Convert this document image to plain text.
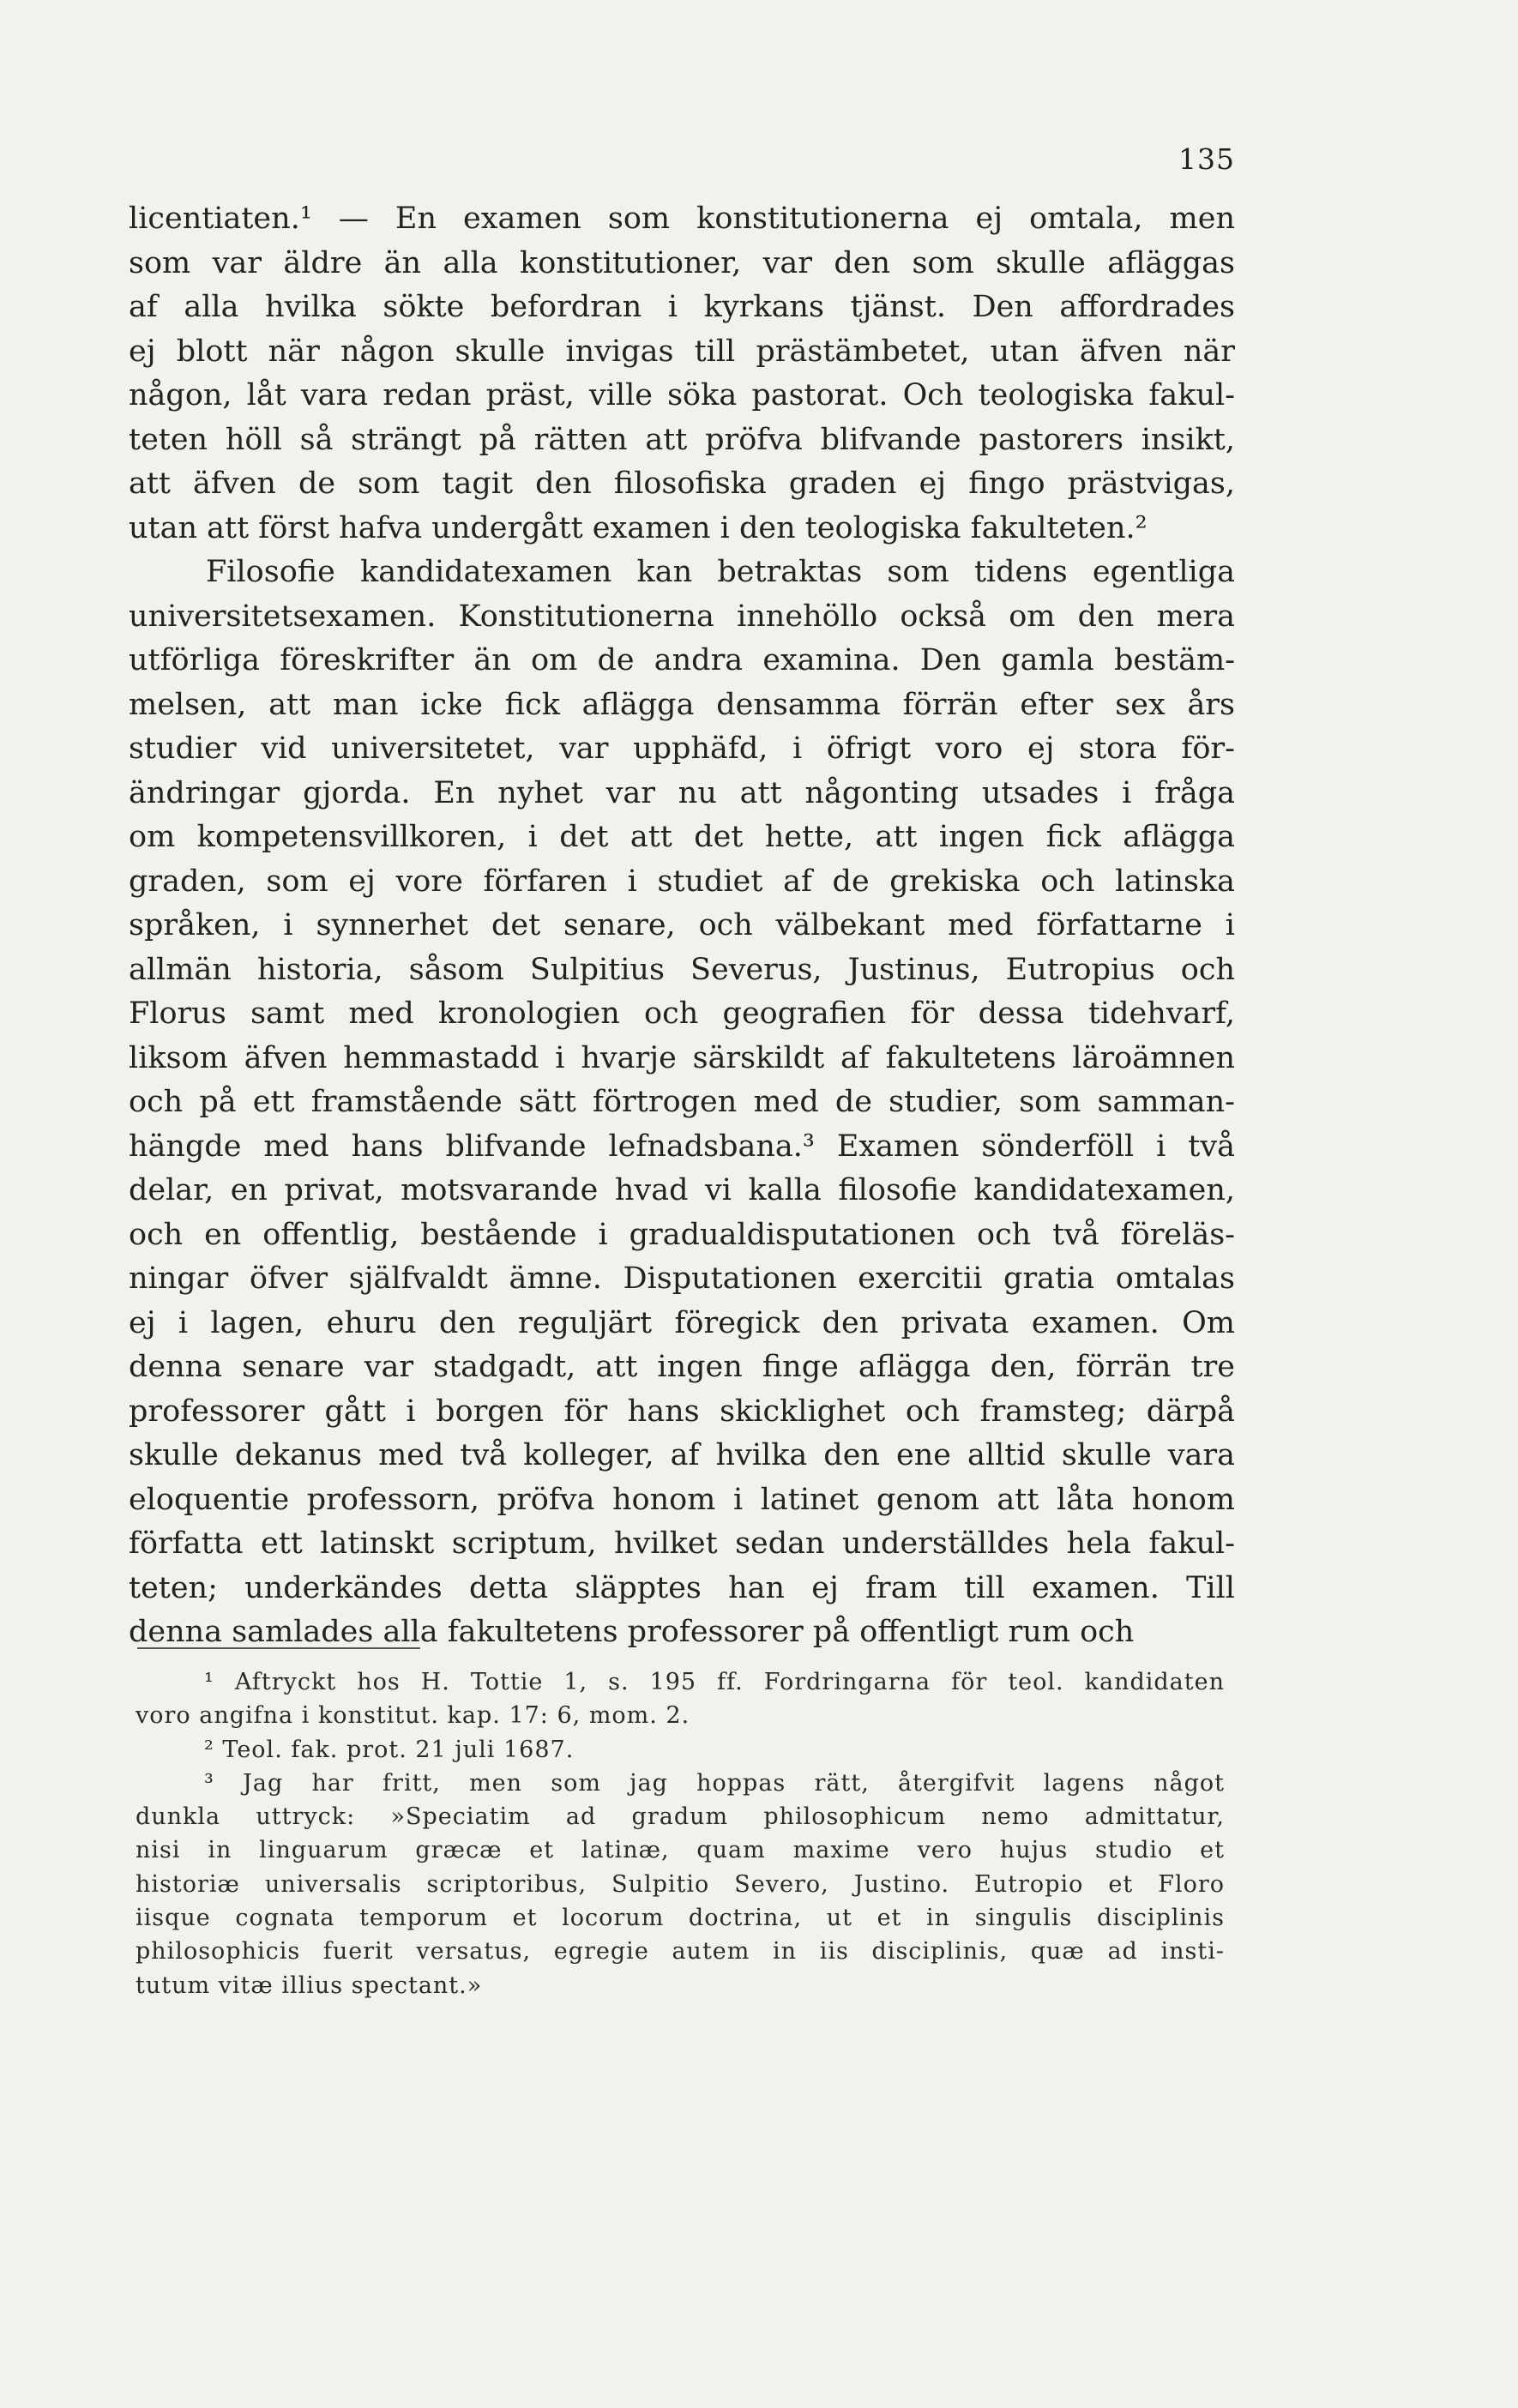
135
licentiaten.¹ — En examen som konstitutionerna ej omtala, men
som var äldre än alla konstitutioner, var den som skulle afläggas
af alla hvilka sökte befordran i kyrkans tjänst. Den affordrades
ej blott när någon skulle invigas till prästämbetet, utan äfven när
någon, låt vara redan präst, ville söka pastorat. Och teologiska fakul-
teten höll så strängt på rätten att pröfva blifvande pastorers insikt,
att äfven de som tagit den filosofiska graden ej fingo prästvigas,
utan att först hafva undergått examen i den teologiska fakulteten.²
Filosofie kandidatexamen kan betraktas som tidens egentliga
universitetsexamen. Konstitutionerna innehöllo också om den mera
utförliga föreskrifter än om de andra examina. Den gamla bestäm-
melsen, att man icke fick aflägga densamma förrän efter sex års
studier vid universitetet, var upphäfd, i öfrigt voro ej stora för-
ändringar gjorda. En nyhet var nu att någonting utsades i fråga
om kompetensvillkoren, i det att det hette, att ingen fick aflägga
graden, som ej vore förfaren i studiet af de grekiska och latinska
språken, i synnerhet det senare, och välbekant med författarne i
allmän historia, såsom Sulpitius Severus, Justinus, Eutropius och
Florus samt med kronologien och geografien för dessa tidehvarf,
liksom äfven hemmastadd i hvarje särskildt af fakultetens läroämnen
och på ett framstående sätt förtrogen med de studier, som samman-
hängde med hans blifvande lefnadsbana.³ Examen sönderföll i två
delar, en privat, motsvarande hvad vi kalla filosofie kandidatexamen,
och en offentlig, bestående i gradualdisputationen och två föreläs-
ningar öfver själfvaldt ämne. Disputationen exercitii gratia omtalas
ej i lagen, ehuru den reguljärt föregick den privata examen. Om
denna senare var stadgadt, att ingen finge aflägga den, förrän tre
professorer gått i borgen för hans skicklighet och framsteg; därpå
skulle dekanus med två kolleger, af hvilka den ene alltid skulle vara
eloquentie professorn, pröfva honom i latinet genom att låta honom
författa ett latinskt scriptum, hvilket sedan underställdes hela fakul-
teten; underkändes detta släpptes han ej fram till examen. Till
denna samlades alla fakultetens professorer på offentligt rum och
¹ Aftryckt hos H. Tottie 1, s. 195 ff. Fordringarna för teol. kandidaten
voro angifna i konstitut. kap. 17: 6, mom. 2.
² Teol. fak. prot. 21 juli 1687.
³ Jag har fritt, men som jag hoppas rätt, återgifvit lagens något
dunkla uttryck: »Speciatim ad gradum philosophicum nemo admittatur,
nisi in linguarum græcæ et latinæ, quam maxime vero hujus studio et
historiæ universalis scriptoribus, Sulpitio Severo, Justino. Eutropio et Floro
iisque cognata temporum et locorum doctrina, ut et in singulis disciplinis
philosophicis fuerit versatus, egregie autem in iis disciplinis, quæ ad insti-
tutum vitæ illius spectant.»
